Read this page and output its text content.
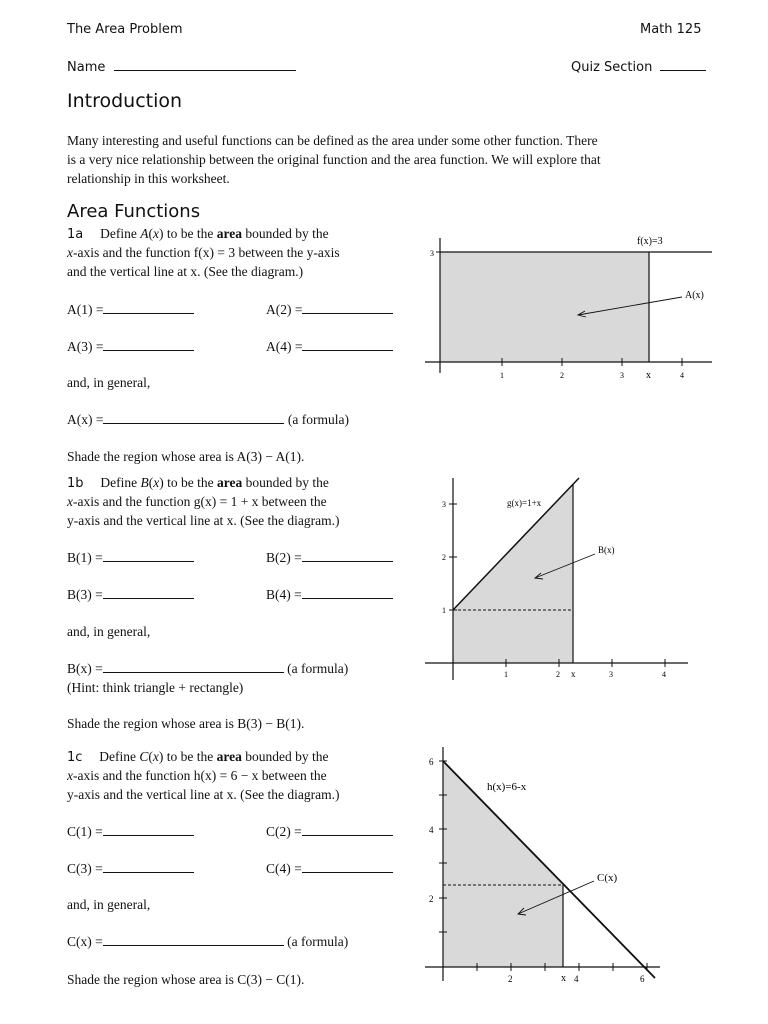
The Area Problem	Math 125
Name	Quiz Section
Introduction
Many interesting and useful functions can be defined as the area under some other function. There
is a very nice relationship between the original function and the area function. We will explore that
relationship in this worksheet.
Area Functions
1a Define A(x) to be the area bounded by the
x-axis and the function f(x) = 3 between the y-axis
and the vertical line at x. (See the diagram.)
A(1) =	A(2) =
A(3) =	A(4) =
and, in general,
A(x) =	(a formula)
Shade the region whose area is A(3) − A(1).
3
1	2	3	4
x
f(x)=3
A(x)
1b Define B(x) to be the area bounded by the
x-axis and the function g(x) = 1 + x between the
y-axis and the vertical line at x. (See the diagram.)
B(1) =	B(2) =
B(3) =	B(4) =
and, in general,
B(x) =	(a formula)
(Hint: think triangle + rectangle)
Shade the region whose area is B(3) − B(1).
1
2
3
1	2	3	4
x
g(x)=1+x
B(x)
1c Define C(x) to be the area bounded by the
x-axis and the function h(x) = 6 − x between the
y-axis and the vertical line at x. (See the diagram.)
C(1) =	C(2) =
C(3) =	C(4) =
and, in general,
C(x) =	(a formula)
Shade the region whose area is C(3) − C(1).
6
4
2
2	4	6
x
h(x)=6-x
C(x)
